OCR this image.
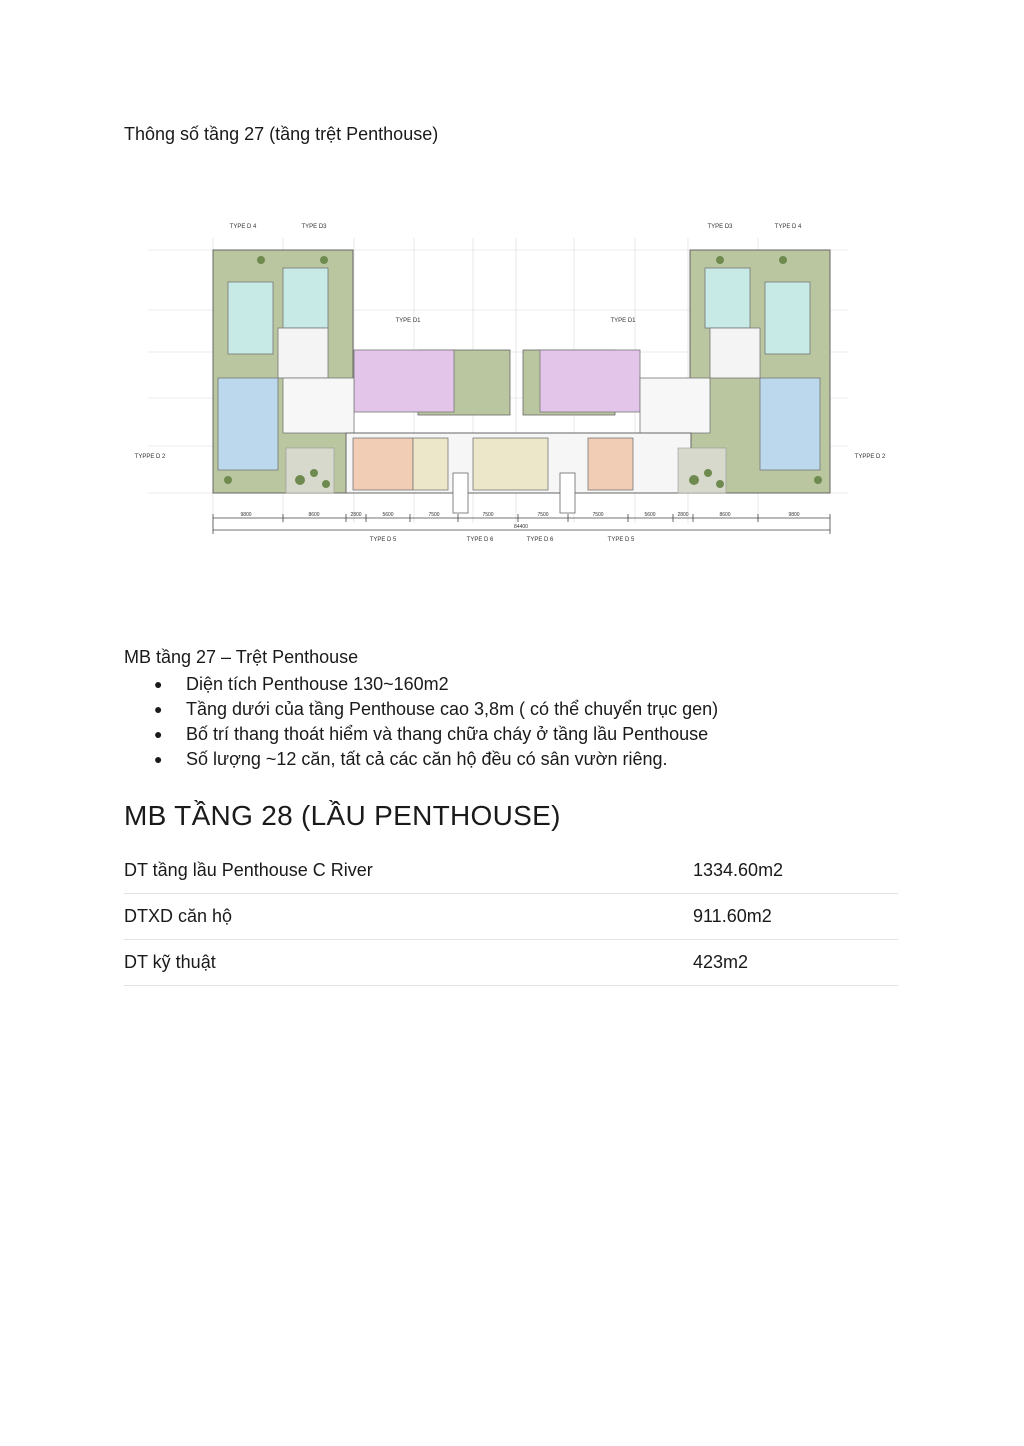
Thông số tầng 27 (tầng trệt Penthouse)
9800	8600	2800	5600	7500	7500	7500	7500	5600	2800	8600	9800
84400
TYPE D 4	TYPE D3	TYPE D3	TYPE D 4
TYPE D1	TYPE D1
TYPPE D 2	TYPPE D 2
TYPE D 5	TYPE D 6	TYPE D 6	TYPE D 5
MB tầng 27 – Trệt Penthouse
● Diện tích Penthouse 130~160m2
● Tầng dưới của tầng Penthouse cao 3,8m ( có thể chuyển trục gen)
● Bố trí thang thoát hiểm và thang chữa cháy ở tầng lầu Penthouse
● Số lượng ~12 căn, tất cả các căn hộ đều có sân vườn riêng.
MB TẦNG 28 (LẦU PENTHOUSE)
DT tầng lầu Penthouse C River	1334.60m2
DTXD căn hộ	911.60m2
DT kỹ thuật	423m2
